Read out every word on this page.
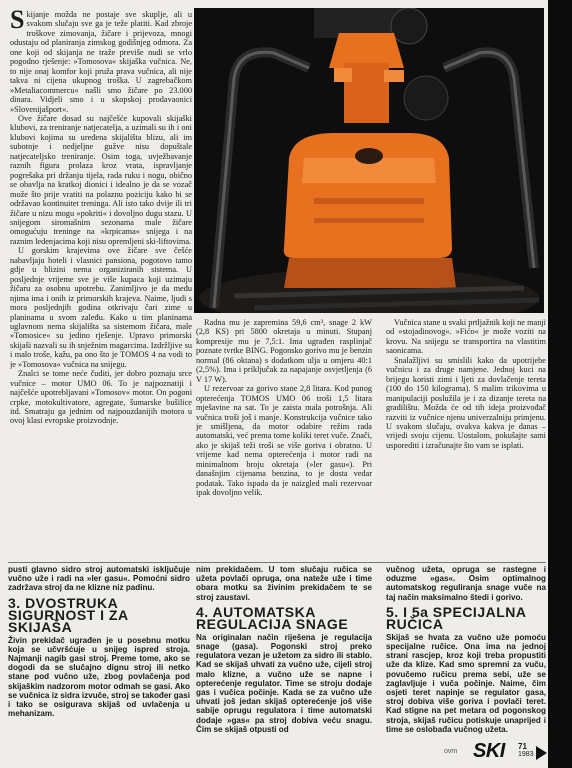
Skijanje možda ne postaje sve skuplje, ali u svakom slučaju sve ga je teže platiti. Kad zbroje troškove zimovanja, žičare i prijevoza, mnogi odustaju od planiranja zimskog godišnjeg odmora. Za one koji od skijanja ne traže previše nudi se vrlo pogodno rješenje: »Tomosova« skijaška vučnica. Ne, to nije onaj komfor koji pruža prava vučnica, ali nije takva ni cijena ukupnog troška. U zagrebačkom »Metaliacommercu« našli smo žičare po 23.000 dinara. Vidjeli smo i u skopskoj prodavaonici »Slovenijašport«.

Ove žičare dosad su najčešće kupovali skijaški klubovi, za treniranje natjecatelja, a uzimali su ih i oni klubovi kojima su uređena skijališta blizu, ali im subotnje i nedjeljne gužve nisu dopuštale natjecateljsko treniranje. Osim toga, uvježbavanje raznih figura prolaza kroz vrata, ispravljanje pogrešaka pri držanju tijela, rada ruku i nogu, obično se obavlja na kratkoj dionici i idealno je da se vozač može što prije vratiti na polaznu poziciju kako bi se održavao kontinuitet treninga. Ali isto tako dvije ili tri žičare u nizu mogu »pokriti« i dovoljno dugu stazu. U snijegom siromašnim sezonama male žičare omogućuju treninge na »krpicama« snijega i na raznim ledenjacima koji nisu opremljeni ski-liftovima.

U gorskim krajevima ove žičare sve češće nabavljaju hoteli i vlasnici pansiona, pogotovo tamo gdje u blizini nema organiziranih sistema. U posljednje vrijeme sve je više kupaca koji uzimaju žičaru za osobnu upotrebu. Zanimljivo je da među njima ima i onih iz primorskih krajeva. Naime, ljudi s mora posljednjih godina otkrivaju čari zime u planinama u svom zaleđu. Kako u tim planinama uglavnom nema skijališta sa sistemom žičara, male »Tomosice« su jedino rješenje. Upravo primorski skijaši nazvali su ih snježnim magarcima. Izdržljive su i malo troše, kažu, pa ono što je TOMOS 4 na vodi to je »Tomosova« vučnica na snijegu.

Znalci se tome neće čuditi, jer dobro poznaju srce vučnice – motor UMO 06. To je najpoznatiji i najčešće upotrebljavani »Tomosov« motor. On pogoni crpke, motokultivatore, agregate, šumarske bušilice itd. Smatraju ga jednim od najpouzdanijih motora u ovoj klasi evropske proizvodnje.

Radna mu je zapremina 59,6 cm³, snage 2 kW (2,8 KS) pri 5800 okretaja u minuti. Stupanj kompresije mu je 7,5:1. Ima ugrađen rasplinjač poznate tvrtke BING. Pogonsko gorivo mu je benzin normal (86 oktana) s dodatkom ulja u omjeru 40:1 (2,5%). Ima i priključak za napajanje osvjetljenja (6 V 17 W).

U rezervoar za gorivo stane 2,8 litara. Kod punog opterećenja TOMOS UMO 06 troši 1,5 litara mješavine na sat. To je zaista mala potrošnja. Ali vučnica troši još i manje. Konstrukcija vučnice tako je smišljena, da motor odabire režim rada automatski, već prema tome koliki teret vuče. Znači, ako je skijaš teži troši se više goriva i obratno. U vrijeme kad nema opterećenja i motor radi na minimalnom broju okretaja (»ler gasu«). Pri današnjim cijenama benzina, to je dosta vedar podatak. Tako ispada da je naizgled mali rezervoar ipak dovoljno velik.

Vučnica stane u svaki prtljažnik koji ne manji od »stojadinovog«. »Fićo« je može voziti na krovu. Na snijegu se transportira na vlastitim saonicama.

Snalažljivi su smislili kako da upotrijebe vučnicu i za druge namjene. Jednoj kuci na brijegu koristi zimi i ljeti za dovlačenje tereta (100 do 150 kilograma). S malim trikovima u manipulaciji poslužila je i za dizanje tereta na gradilištu. Možda će od tih ideja proizvođač razviti iz vučnice njenu univerzalniju primjenu. U svakom slučaju, ovakva kakva je danas – vrijedi svoju cijenu. Uostalom, pokušajte sami usporediti i izračunajte što vam se isplati.

pusti glavno sidro stroj automatski isključuje vučno uže i radi na »ler gasu«. Pomoćni sidro zadržava stroj da ne klizne niz padinu.

3. DVOSTRUKA SIGURNOST I ZA SKIJAŠA

Živin prekidač ugrađen je u posebnu motku koja se učvršćuje u snijeg ispred stroja. Najmanji nagib gasi stroj. Preme tome, ako se dogodi da se slučajno dignu stroj ili netko stane pod vučno uže, zbog povlačenja pod skijaškim nadzorom motor odmah se gasi. Ako se vučnica iz sidra izvuče, stroj se također gasi i tako se osigurava skijaš od uvlačenja u mehanizam.

nim prekidačem. U tom slučaju ručica se užeta povlači opruga, ona nateže uže i time obara motku sa živinim prekidačem te se stroj zaustavi.

4. AUTOMATSKA REGULACIJA SNAGE

Na originalan način riješena je regulacija snage (gasa). Pogonski stroj preko regulatora vezan je užetom za sidro ili stablo. Kad se skijaš uhvati za vučno uže, cijeli stroj malo klizne, a vučno uže se napne i opterećenje regulator. Time se stroju dodaje gas i vučica počinje. Kada se za vučno uže uhvati još jedan skijaš opterećenje još više sabije oprugu regulatora i time automatski dodaje »gas« pa stroj dobiva veću snagu. Čim se skijaš otpusti od

vučnog užeta, opruga se rastegne i oduzme »gas«. Osim optimalnog automatskog reguliranja snage vuče na taj način maksimalno štedi i gorivo.

5. I 5a SPECIJALNA RUČICA

Skijaš se hvata za vučno uže pomoću specijalne ručice. Ona ima na jednoj strani rascjep, kroz koji treba propustiti uže da klize. Kad smo spremni za vuču, povučemo ručicu prema sebi, uže se zaglavljuje i vuča počinje. Naime, čim osjeti teret napinje se regulator gasa, stroj dobiva više goriva i povlači teret. Kad stigne na pet metara od pogonskog stroja, skijaš ručicu potiskuje unaprijed i time se oslobađa vučnog užeta.

ovm SKI 71
1983
